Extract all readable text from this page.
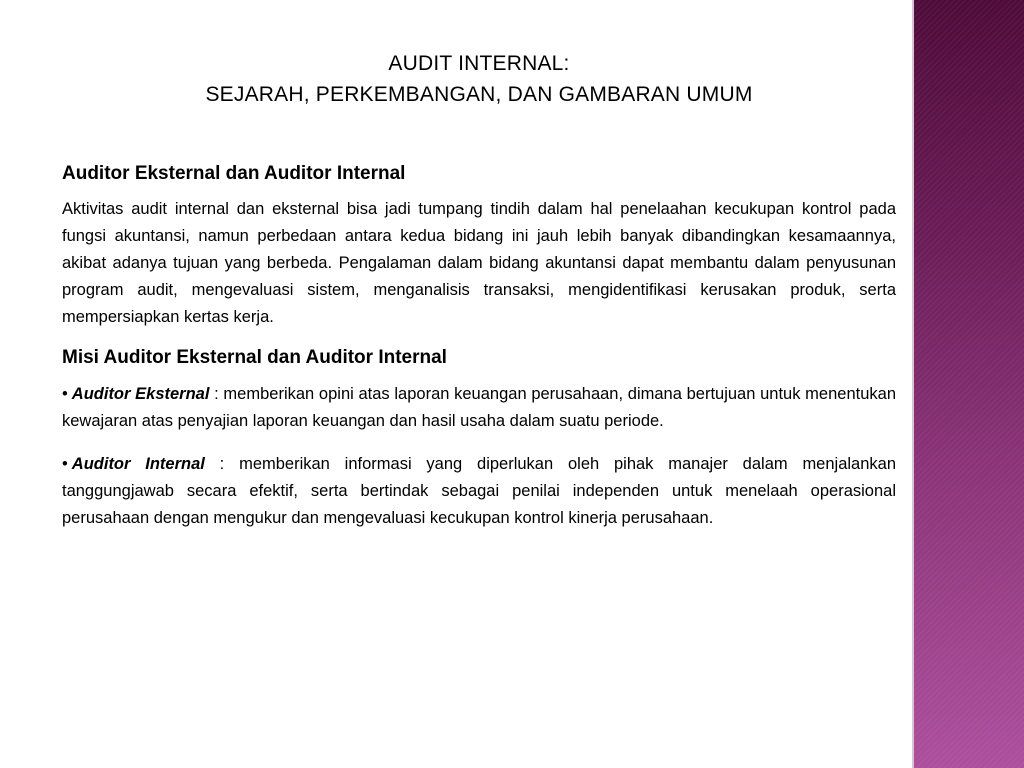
AUDIT INTERNAL:
SEJARAH, PERKEMBANGAN, DAN GAMBARAN UMUM
Auditor Eksternal dan Auditor Internal

Aktivitas audit internal dan eksternal bisa jadi tumpang tindih dalam hal penelaahan kecukupan kontrol pada fungsi akuntansi, namun perbedaan antara kedua bidang ini jauh lebih banyak dibandingkan kesamaannya, akibat adanya tujuan yang berbeda. Pengalaman dalam bidang akuntansi dapat membantu dalam penyusunan program audit, mengevaluasi sistem, menganalisis transaksi, mengidentifikasi kerusakan produk, serta mempersiapkan kertas kerja.

Misi Auditor Eksternal dan Auditor Internal

• Auditor Eksternal : memberikan opini atas laporan keuangan perusahaan, dimana bertujuan untuk menentukan kewajaran atas penyajian laporan keuangan dan hasil usaha dalam suatu periode.

• Auditor Internal : memberikan informasi yang diperlukan oleh pihak manajer dalam menjalankan tanggungjawab secara efektif, serta bertindak sebagai penilai independen untuk menelaah operasional perusahaan dengan mengukur dan mengevaluasi kecukupan kontrol kinerja perusahaan.
